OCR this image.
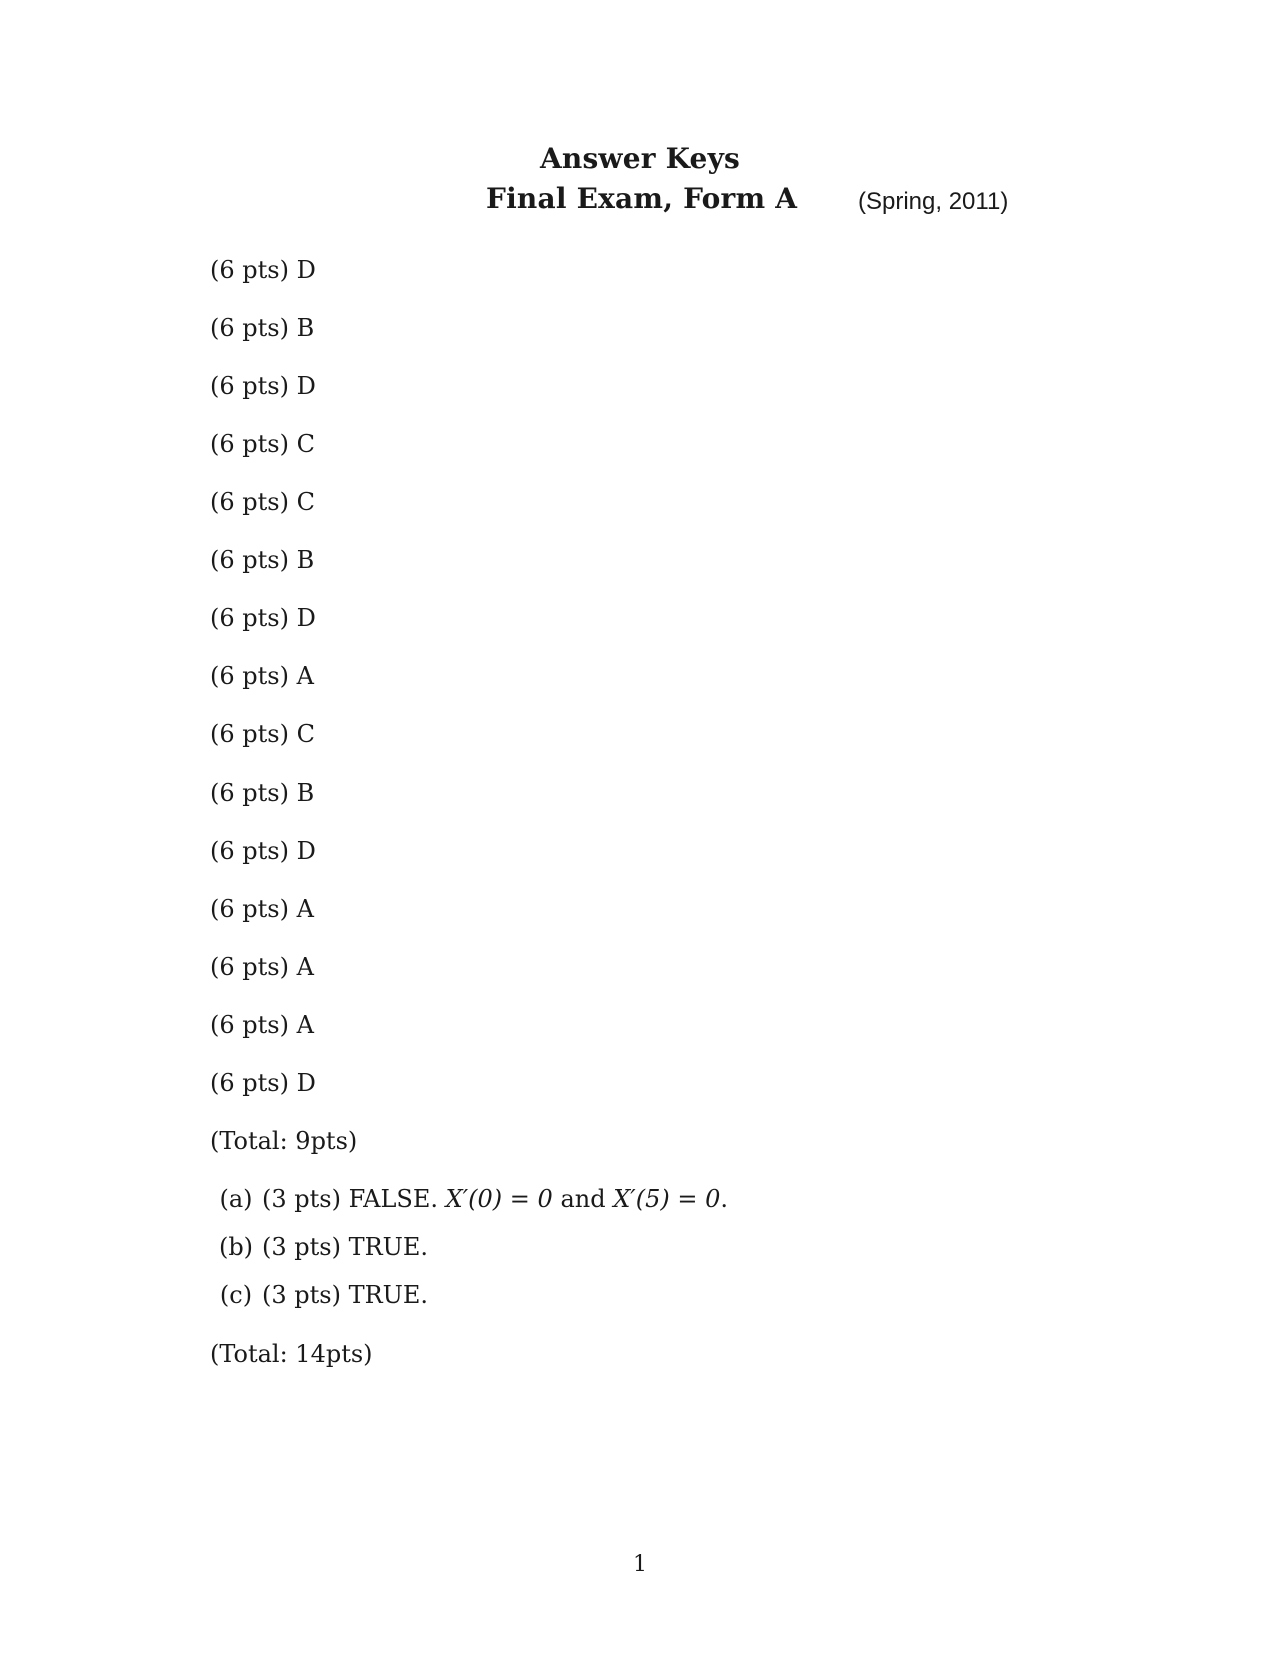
Answer Keys
Final Exam, Form A	(Spring, 2011)
(6 pts) D
(6 pts) B
(6 pts) D
(6 pts) C
(6 pts) C
(6 pts) B
(6 pts) D
(6 pts) A
(6 pts) C
(6 pts) B
(6 pts) D
(6 pts) A
(6 pts) A
(6 pts) A
(6 pts) D
(Total: 9pts)
(a) (3 pts) FALSE. X′(0) = 0 and X′(5) = 0.
(b) (3 pts) TRUE.
(c) (3 pts) TRUE.
(Total: 14pts)
1
